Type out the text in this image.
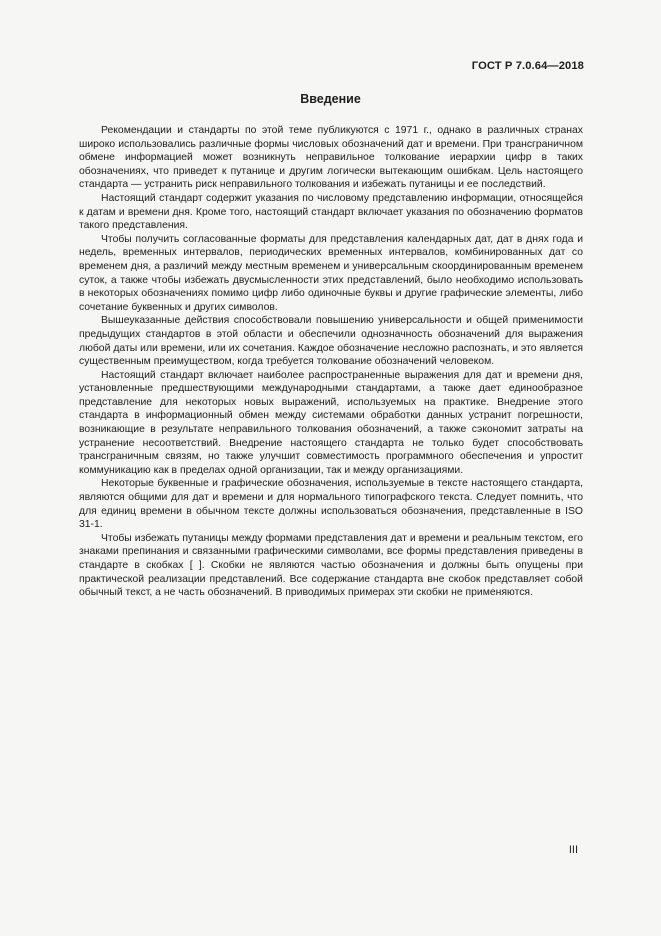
ГОСТ Р 7.0.64—2018
Введение

Рекомендации и стандарты по этой теме публикуются с 1971 г., однако в различных странах широко использовались различные формы числовых обозначений дат и времени. При трансграничном обмене информацией может возникнуть неправильное толкование иерархии цифр в таких обозначениях, что приведет к путанице и другим логически вытекающим ошибкам. Цель настоящего стандарта — устранить риск неправильного толкования и избежать путаницы и ее последствий.

Настоящий стандарт содержит указания по числовому представлению информации, относящейся к датам и времени дня. Кроме того, настоящий стандарт включает указания по обозначению форматов такого представления.

Чтобы получить согласованные форматы для представления календарных дат, дат в днях года и недель, временных интервалов, периодических временных интервалов, комбинированных дат со временем дня, а различий между местным временем и универсальным скоординированным временем суток, а также чтобы избежать двусмысленности этих представлений, было необходимо использовать в некоторых обозначениях помимо цифр либо одиночные буквы и другие графические элементы, либо сочетание буквенных и других символов.

Вышеуказанные действия способствовали повышению универсальности и общей применимости предыдущих стандартов в этой области и обеспечили однозначность обозначений для выражения любой даты или времени, или их сочетания. Каждое обозначение несложно распознать, и это является существенным преимуществом, когда требуется толкование обозначений человеком.

Настоящий стандарт включает наиболее распространенные выражения для дат и времени дня, установленные предшествующими международными стандартами, а также дает единообразное представление для некоторых новых выражений, используемых на практике. Внедрение этого стандарта в информационный обмен между системами обработки данных устранит погрешности, возникающие в результате неправильного толкования обозначений, а также сэкономит затраты на устранение несоответствий. Внедрение настоящего стандарта не только будет способствовать трансграничным связям, но также улучшит совместимость программного обеспечения и упростит коммуникацию как в пределах одной организации, так и между организациями.

Некоторые буквенные и графические обозначения, используемые в тексте настоящего стандарта, являются общими для дат и времени и для нормального типографского текста. Следует помнить, что для единиц времени в обычном тексте должны использоваться обозначения, представленные в ISO 31-1.

Чтобы избежать путаницы между формами представления дат и времени и реальным текстом, его знаками препинания и связанными графическими символами, все формы представления приведены в стандарте в скобках [ ]. Скобки не являются частью обозначения и должны быть опущены при практической реализации представлений. Все содержание стандарта вне скобок представляет собой обычный текст, а не часть обозначений. В приводимых примерах эти скобки не применяются.

III
